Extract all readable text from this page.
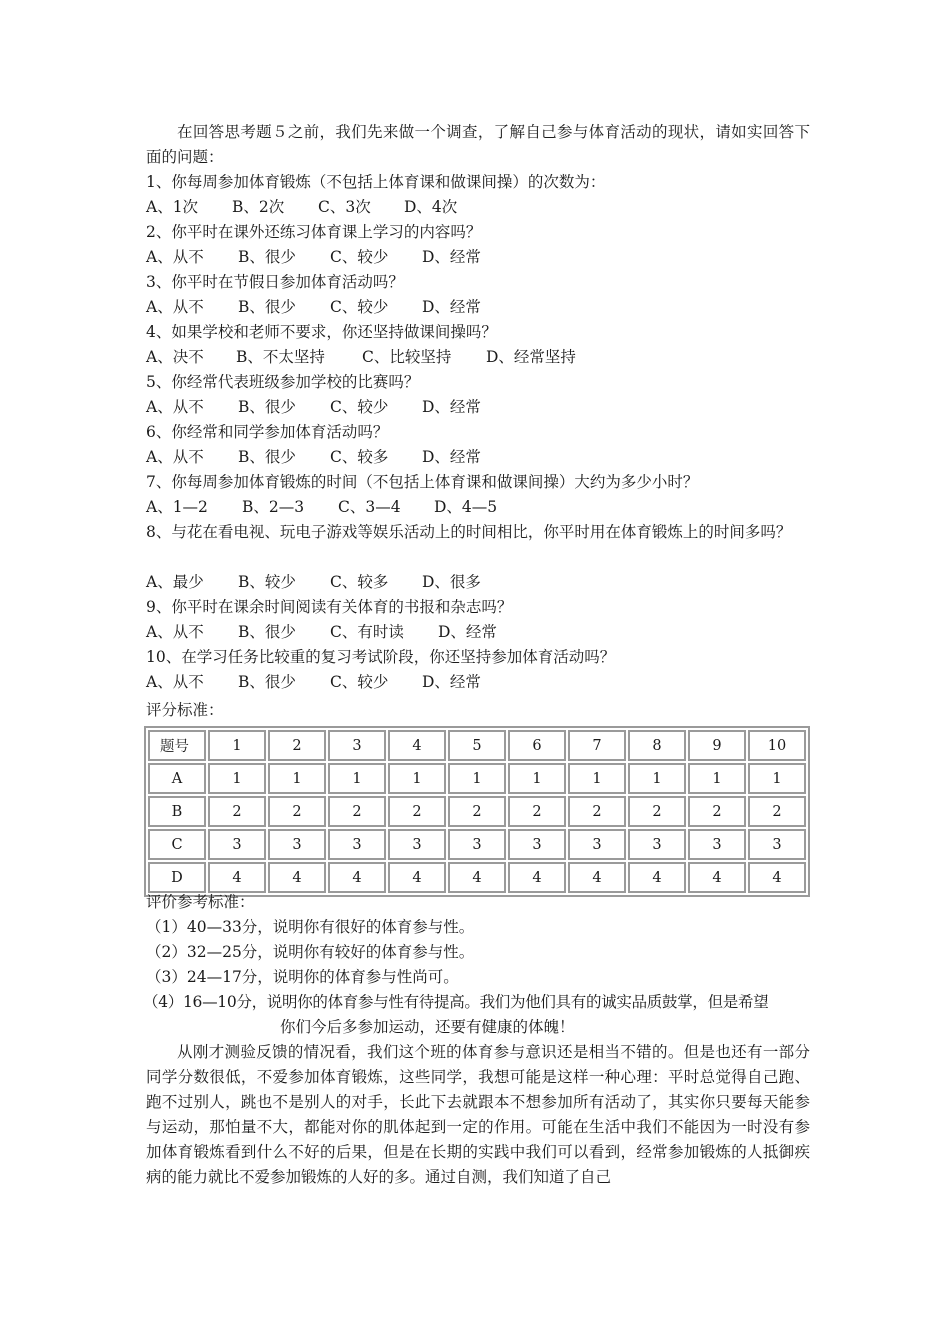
在回答思考题５之前，我们先来做一个调查，了解自己参与体育活动的现状，请如实回答下面的问题：
1、你每周参加体育锻炼（不包括上体育课和做课间操）的次数为：
A、1次 B、2次 C、3次 D、4次
2、你平时在课外还练习体育课上学习的内容吗？
A、从不 B、很少 C、较少 D、经常
3、你平时在节假日参加体育活动吗？
A、从不 B、很少 C、较少 D、经常
4、如果学校和老师不要求，你还坚持做课间操吗？
A、决不 B、不太坚持 C、比较坚持 D、经常坚持
5、你经常代表班级参加学校的比赛吗？
A、从不 B、很少 C、较少 D、经常
6、你经常和同学参加体育活动吗？
A、从不 B、很少 C、较多 D、经常
7、你每周参加体育锻炼的时间（不包括上体育课和做课间操）大约为多少小时？
A、1—2 B、2—3 C、3—4 D、4—5
8、与花在看电视、玩电子游戏等娱乐活动上的时间相比，你平时用在体育锻炼上的时间多吗？
A、最少 B、较少 C、较多 D、很多
9、你平时在课余时间阅读有关体育的书报和杂志吗？
A、从不 B、很少 C、有时读 D、经常
10、在学习任务比较重的复习考试阶段，你还坚持参加体育活动吗？
A、从不 B、很少 C、较少 D、经常
评分标准：
题号	1	2	3	4	5	6	7	8	9	10
A	1	1	1	1	1	1	1	1	1	1
B	2	2	2	2	2	2	2	2	2	2
C	3	3	3	3	3	3	3	3	3	3
D	4	4	4	4	4	4	4	4	4	4
评价参考标准：
（1）40—33分，说明你有很好的体育参与性。
（2）32—25分，说明你有较好的体育参与性。
（3）24—17分，说明你的体育参与性尚可。
（4）16—10分，说明你的体育参与性有待提高。我们为他们具有的诚实品质鼓掌，但是希望
你们今后多参加运动，还要有健康的体魄！
从刚才测验反馈的情况看，我们这个班的体育参与意识还是相当不错的。但是也还有一部分同学分数很低，不爱参加体育锻炼，这些同学，我想可能是这样一种心理：平时总觉得自己跑、跑不过别人，跳也不是别人的对手，长此下去就跟本不想参加所有活动了，其实你只要每天能参与运动，那怕量不大，都能对你的肌体起到一定的作用。可能在生活中我们不能因为一时没有参加体育锻炼看到什么不好的后果，但是在长期的实践中我们可以看到，经常参加锻炼的人抵御疾病的能力就比不爱参加锻炼的人好的多。通过自测，我们知道了自己
